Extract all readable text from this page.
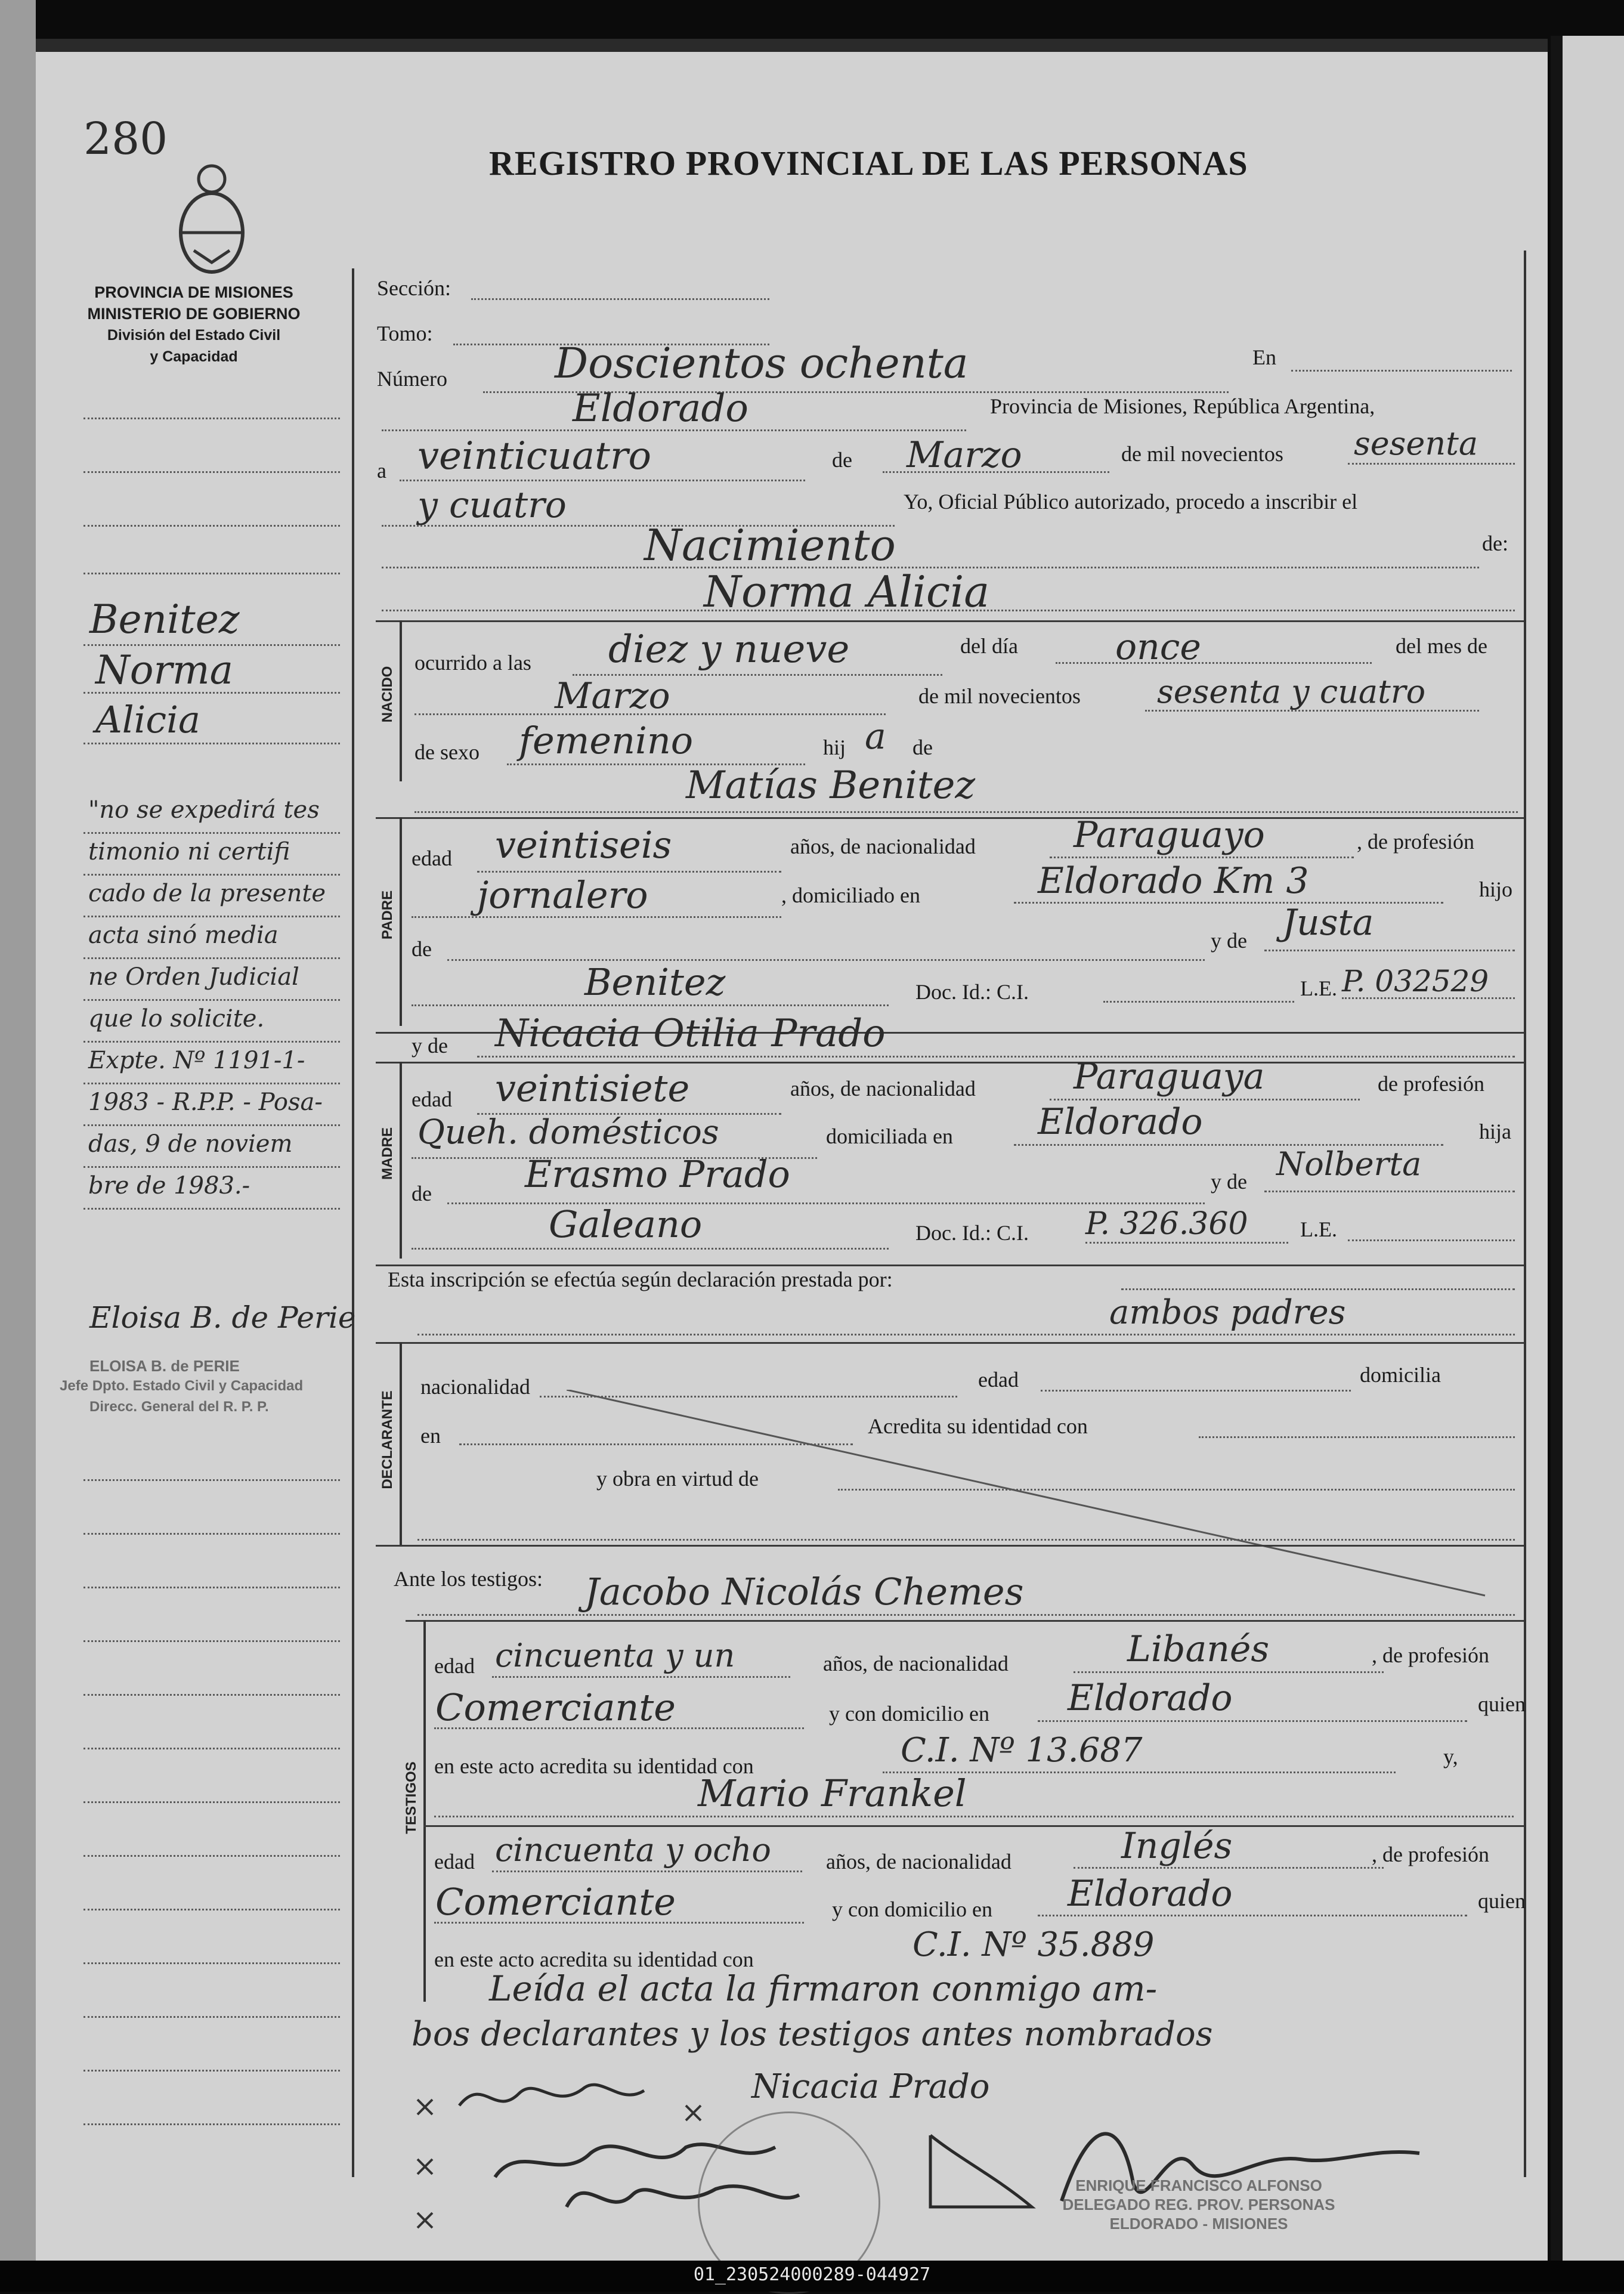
280	REGISTRO PROVINCIAL DE LAS PERSONAS
PROVINCIA DE MISIONES
MINISTERIO DE GOBIERNO
División del Estado Civil
y Capacidad
Benitez
Norma
Alicia
"no se expedirá tes
timonio ni certifi
cado de la presente
acta sinó media
ne Orden Judicial
que lo solicite.
Expte. Nº 1191-1-
1983 - R.P.P. - Posa-
das, 9 de noviem
bre de 1983.-
Eloisa B. de Perie
ELOISA B. de PERIE
Jefe Dpto. Estado Civil y Capacidad
Direcc. General del R. P. P.
Sección:
Tomo:
Número	Doscientos ochenta	En
Eldorado	Provincia de Misiones, República Argentina,
a veinticuatro	de Marzo	de mil novecientos sesenta
y cuatro	Yo, Oficial Público autorizado, procedo a inscribir el
Nacimiento	de:
Norma Alicia
NACIDO
ocurrido a las diez y nueve	del día	once	del mes de
Marzo	de mil novecientos sesenta y cuatro
de sexo femenino	hij a de
Matías Benitez
PADRE
edad veintiseis	años, de nacionalidad	Paraguayo	, de profesión
jornalero	, domiciliado en	Eldorado Km 3	hijo
de	y de Justa
Benitez	Doc. Id.: C.I.	L.E. P. 032529
y de Nicacia Otilia Prado
MADRE
edad veintisiete	años, de nacionalidad	Paraguaya	de profesión
Queh. domésticos	domiciliada en Eldorado	hija
de	Erasmo Prado	y de Nolberta
Galeano	Doc. Id.: C.I. P. 326.360 L.E.
Esta inscripción se efectúa según declaración prestada por:
ambos padres
DECLARANTE
nacionalidad	edad	domicilia
en	Acredita su identidad con
y obra en virtud de
Ante los testigos: Jacobo Nicolás Chemes
TESTIGOS
edad cincuenta y un	años, de nacionalidad	Libanés	, de profesión
Comerciante	y con domicilio en Eldorado	quien
en este acto acredita su identidad con	C.I. Nº 13.687	y,
Mario Frankel
edad cincuenta y ocho	años, de nacionalidad	Inglés	, de profesión
Comerciante	y con domicilio en Eldorado	quien
en este acto acredita su identidad con	C.I. Nº 35.889
Leída el acta la firmaron conmigo am-
bos declarantes y los testigos antes nombrados
Nicacia Prado
ENRIQUE FRANCISCO ALFONSO
DELEGADO REG. PROV. PERSONAS
ELDORADO - MISIONES
01_230524000289-044927
